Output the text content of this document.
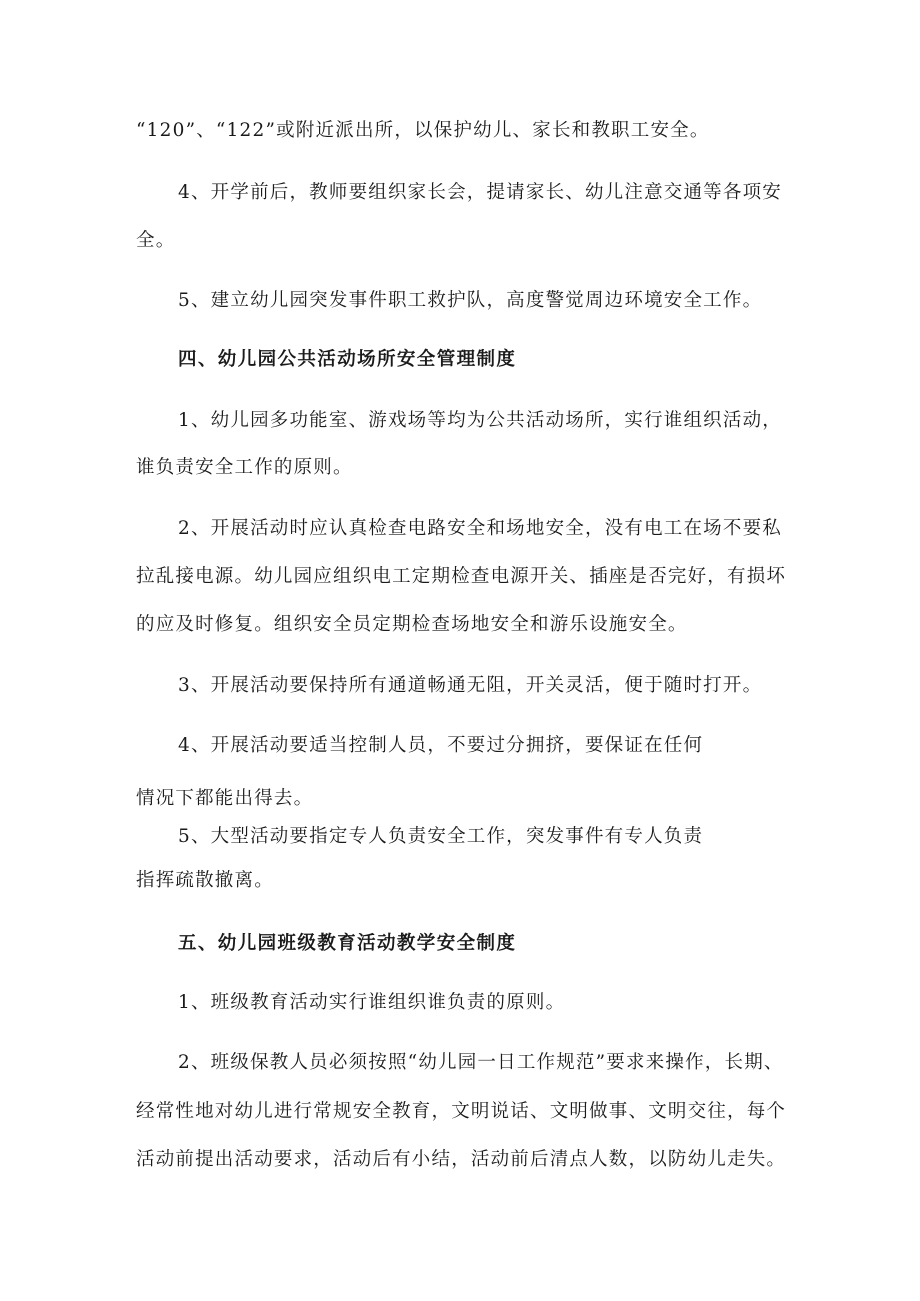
“120”、“122”或附近派出所，以保护幼儿、家长和教职工安全。
4、开学前后，教师要组织家长会，提请家长、幼儿注意交通等各项安
全。
5、建立幼儿园突发事件职工救护队，高度警觉周边环境安全工作。
四、幼儿园公共活动场所安全管理制度
1、幼儿园多功能室、游戏场等均为公共活动场所，实行谁组织活动，
谁负责安全工作的原则。
2、开展活动时应认真检查电路安全和场地安全，没有电工在场不要私
拉乱接电源。幼儿园应组织电工定期检查电源开关、插座是否完好，有损坏
的应及时修复。组织安全员定期检查场地安全和游乐设施安全。
3、开展活动要保持所有通道畅通无阻，开关灵活，便于随时打开。
4、开展活动要适当控制人员，不要过分拥挤，要保证在任何
情况下都能出得去。
5、大型活动要指定专人负责安全工作，突发事件有专人负责
指挥疏散撤离。
五、幼儿园班级教育活动教学安全制度
1、班级教育活动实行谁组织谁负责的原则。
2、班级保教人员必须按照“幼儿园一日工作规范”要求来操作，长期、
经常性地对幼儿进行常规安全教育，文明说话、文明做事、文明交往，每个
活动前提出活动要求，活动后有小结，活动前后清点人数，以防幼儿走失。
